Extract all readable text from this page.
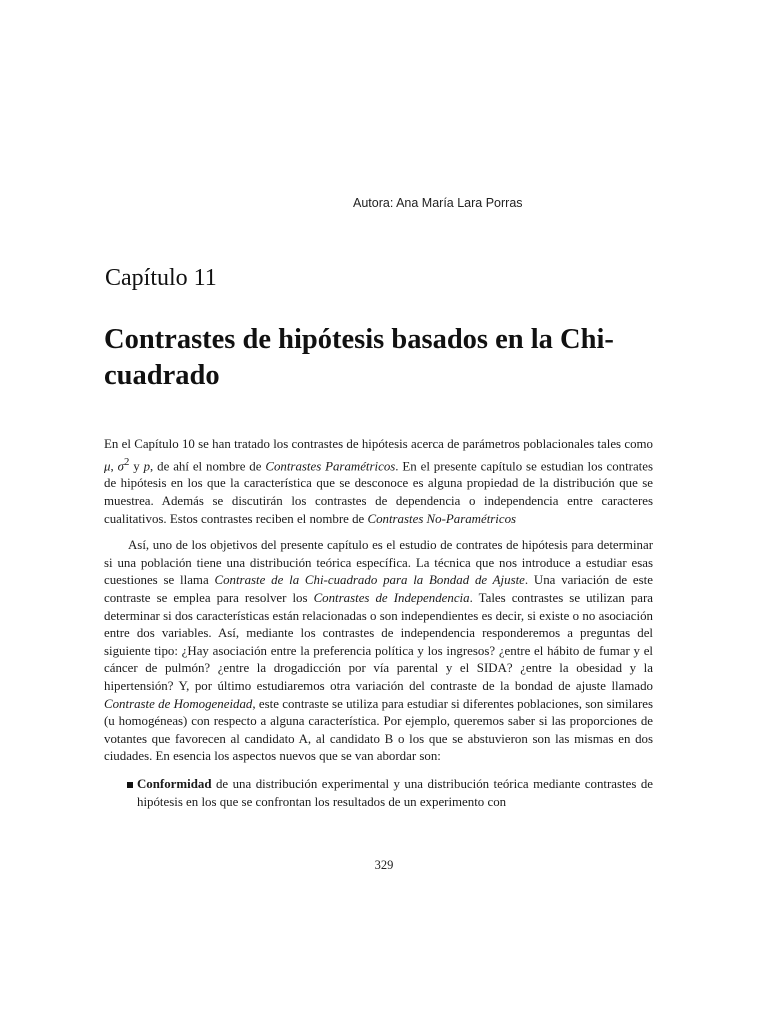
Autora: Ana María Lara Porras
Capítulo 11
Contrastes de hipótesis basados en la Chi-cuadrado

En el Capítulo 10 se han tratado los contrastes de hipótesis acerca de parámetros poblacionales tales como μ, $\sigma^2$ y p, de ahí el nombre de Contrastes Paramétricos. En el presente capítulo se estudian los contrates de hipótesis en los que la característica que se desconoce es alguna propiedad de la distribución que se muestrea. Además se discutirán los contrastes de dependencia o independencia entre caracteres cualitativos. Estos contrastes reciben el nombre de Contrastes No-Paramétricos

Así, uno de los objetivos del presente capítulo es el estudio de contrates de hipótesis para determinar si una población tiene una distribución teórica específica. La técnica que nos introduce a estudiar esas cuestiones se llama Contraste de la Chi-cuadrado para la Bondad de Ajuste. Una variación de este contraste se emplea para resolver los Contrastes de Independencia. Tales contrastes se utilizan para determinar si dos características están relacionadas o son independientes es decir, si existe o no asociación entre dos variables. Así, mediante los contrastes de independencia responderemos a preguntas del siguiente tipo: ¿Hay asociación entre la preferencia política y los ingresos? ¿entre el hábito de fumar y el cáncer de pulmón? ¿entre la drogadicción por vía parental y el SIDA? ¿entre la obesidad y la hipertensión? Y, por último estudiaremos otra variación del contraste de la bondad de ajuste llamado Contraste de Homogeneidad, este contraste se utiliza para estudiar si diferentes poblaciones, son similares (u homogéneas) con respecto a alguna característica. Por ejemplo, queremos saber si las proporciones de votantes que favorecen al candidato A, al candidato B o los que se abstuvieron son las mismas en dos ciudades. En esencia los aspectos nuevos que se van abordar son:

Conformidad de una distribución experimental y una distribución teórica mediante contrastes de hipótesis en los que se confrontan los resultados de un experimento con
329
